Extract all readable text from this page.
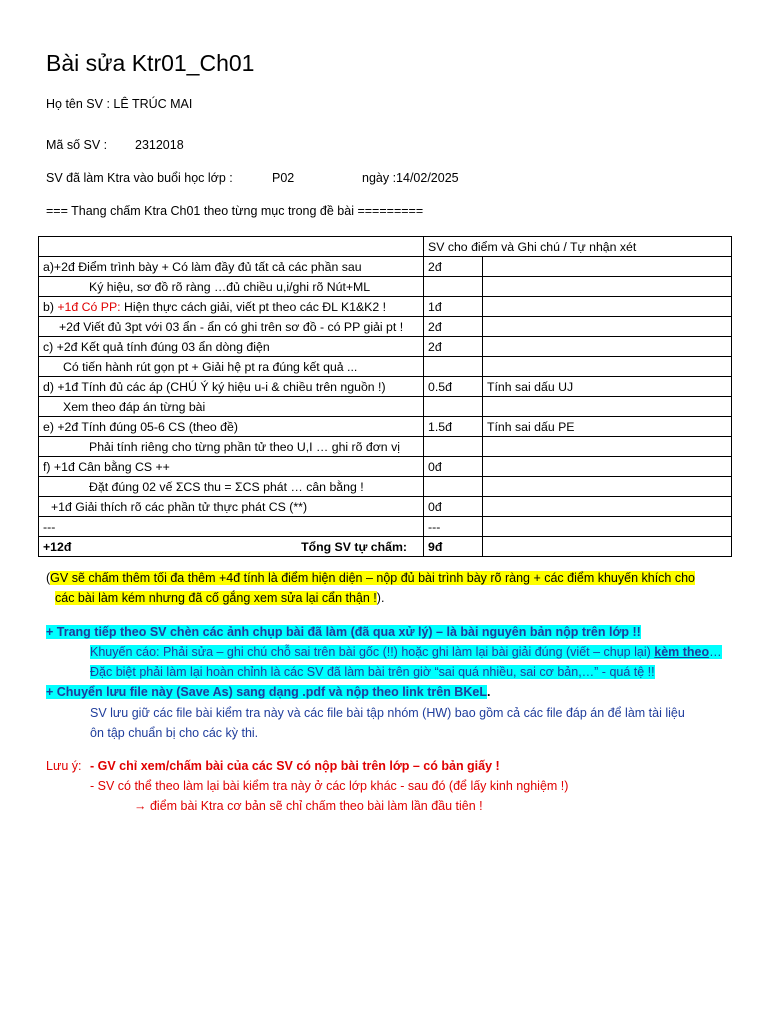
Bài sửa Ktr01_Ch01
Họ tên SV : LÊ TRÚC MAI
Mã số SV : 2312018
SV đã làm Ktra vào buổi học lớp :	P02	ngày :14/02/2025
=== Thang chấm Ktra Ch01 theo từng mục trong đề bài =========
	SV cho điểm và Ghi chú / Tự nhận xét	
a)+2đ Điểm trình bày + Có làm đầy đủ tất cả các phần sau	2đ	
Ký hiệu, sơ đồ rõ ràng …đủ chiều u,i/ghi rõ Nút+ML		
b) +1đ Có PP: Hiện thực cách giải, viết pt theo các ĐL K1&K2 !	1đ	
+2đ Viết đủ 3pt với 03 ẩn - ẩn có ghi trên sơ đồ - có PP giải pt !	2đ	
c) +2đ Kết quả tính đúng 03 ẩn dòng điện	2đ	
Có tiến hành rút gọn pt + Giải hệ pt ra đúng kết quả ...		
d) +1đ Tính đủ các áp (CHÚ Ý ký hiệu u-i & chiều trên nguồn !)	0.5đ	Tính sai dấu UJ
Xem theo đáp án từng bài		
e) +2đ Tính đúng 05-6 CS (theo đề)	1.5đ	Tính sai dấu PE
Phải tính riêng cho từng phần tử theo U,I … ghi rõ đơn vị		
f) +1đ Cân bằng CS ++	0đ	
Đặt đúng 02 vế ΣCS thu = ΣCS phát … cân bằng !		
+1đ Giải thích rõ các phần tử thực phát CS (**)	0đ	
---	---	
+12đ Tổng SV tự chấm:	9đ	
(GV sẽ chấm thêm tối đa thêm +4đ tính là điểm hiện diện – nộp đủ bài trình bày rõ ràng + các điểm khuyến khích cho
các bài làm kém nhưng đã cố gắng xem sửa lại cẩn thận !).
+ Trang tiếp theo SV chèn các ảnh chụp bài đã làm (đã qua xử lý) – là bài nguyên bản nộp trên lớp !!
Khuyến cáo: Phải sửa – ghi chú chỗ sai trên bài gốc (!!) hoặc ghi làm lại bài giải đúng (viết – chụp lại) kèm theo…
Đặc biệt phải làm lại hoàn chỉnh là các SV đã làm bài trên giờ “sai quá nhiều, sai cơ bản,…” - quá tệ !!
+ Chuyển lưu file này (Save As) sang dạng .pdf và nộp theo link trên BKeL.
SV lưu giữ các file bài kiểm tra này và các file bài tập nhóm (HW) bao gồm cả các file đáp án để làm tài liệu
ôn tập chuẩn bị cho các kỳ thi.
Lưu ý: - GV chỉ xem/chấm bài của các SV có nộp bài trên lớp – có bản giấy !
- SV có thể theo làm lại bài kiểm tra này ở các lớp khác - sau đó (để lấy kinh nghiệm !)
→ điểm bài Ktra cơ bản sẽ chỉ chấm theo bài làm lần đầu tiên !
